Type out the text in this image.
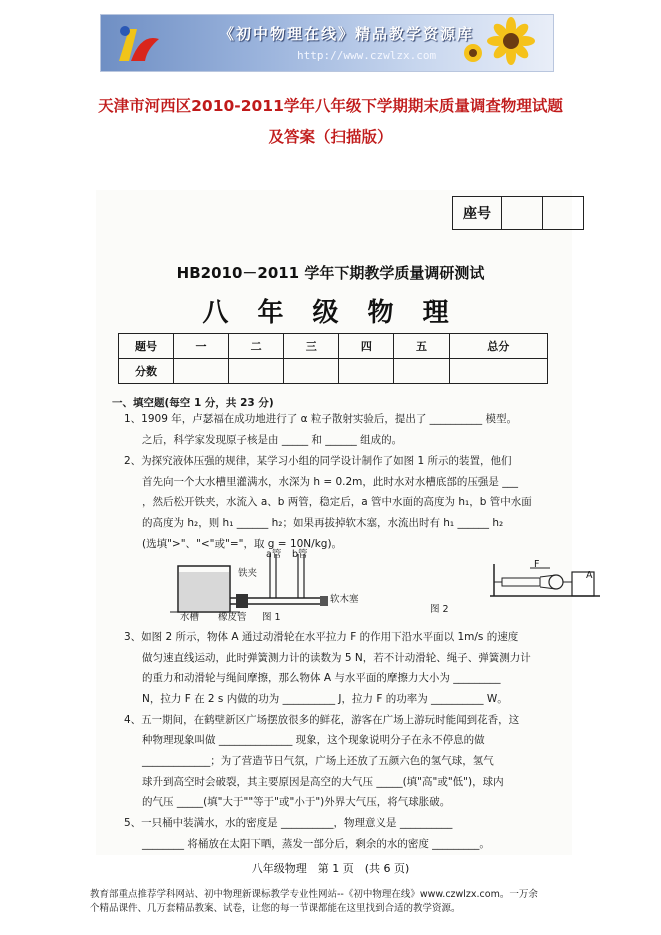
《初中物理在线》精品教学资源库
http://www.czwlzx.com
天津市河西区2010-2011学年八年级下学期期末质量调查物理试题
及答案（扫描版）
座号
HB2010－2011 学年下期教学质量调研测试
八 年 级 物 理
题号	一	二	三	四	五	总分
分数						
一、填空题(每空 1 分，共 23 分)
1、1909 年，卢瑟福在成功地进行了 α 粒子散射实验后，提出了 __________ 模型。
之后，科学家发现原子核是由 _____ 和 ______ 组成的。
2、为探究液体压强的规律，某学习小组的同学设计制作了如图 1 所示的装置，他们
首先向一个大水槽里灌满水，水深为 h = 0.2m，此时水对水槽底部的压强是 ___
，然后松开铁夹，水流入 a、b 两管，稳定后，a 管中水面的高度为 h₁，b 管中水面
的高度为 h₂，则 h₁ ______ h₂；如果再拔掉软木塞，水流出时有 h₁ ______ h₂
(选填">"、"<"或"="，取 g = 10N/kg)。
a管 b管
铁夹
软木塞
水槽 橡皮管 图 1
F
A
图 2
3、如图 2 所示，物体 A 通过动滑轮在水平拉力 F 的作用下沿水平面以 1m/s 的速度
做匀速直线运动，此时弹簧测力计的读数为 5 N，若不计动滑轮、绳子、弹簧测力计
的重力和动滑轮与绳间摩擦，那么物体 A 与水平面的摩擦力大小为 _________
N，拉力 F 在 2 s 内做的功为 __________ J，拉力 F 的功率为 __________ W。
4、五一期间，在鹤壁新区广场摆放很多的鲜花，游客在广场上游玩时能闻到花香，这
种物理现象叫做 ______________ 现象，这个现象说明分子在永不停息的做
_____________；为了营造节日气氛，广场上还放了五颜六色的氢气球，氢气
球升到高空时会破裂，其主要原因是高空的大气压 _____(填"高"或"低")，球内
的气压 _____(填"大于""等于"或"小于")外界大气压，将气球胀破。
5、一只桶中装满水，水的密度是 __________，物理意义是 __________
________ 将桶放在太阳下晒，蒸发一部分后，剩余的水的密度 _________。
八年级物理　第 1 页　(共 6 页)
教育部重点推荐学科网站、初中物理新课标教学专业性网站--《初中物理在线》www.czwlzx.com。一万余
个精品课件、几万套精品教案、试卷，让您的每一节课都能在这里找到合适的教学资源。
